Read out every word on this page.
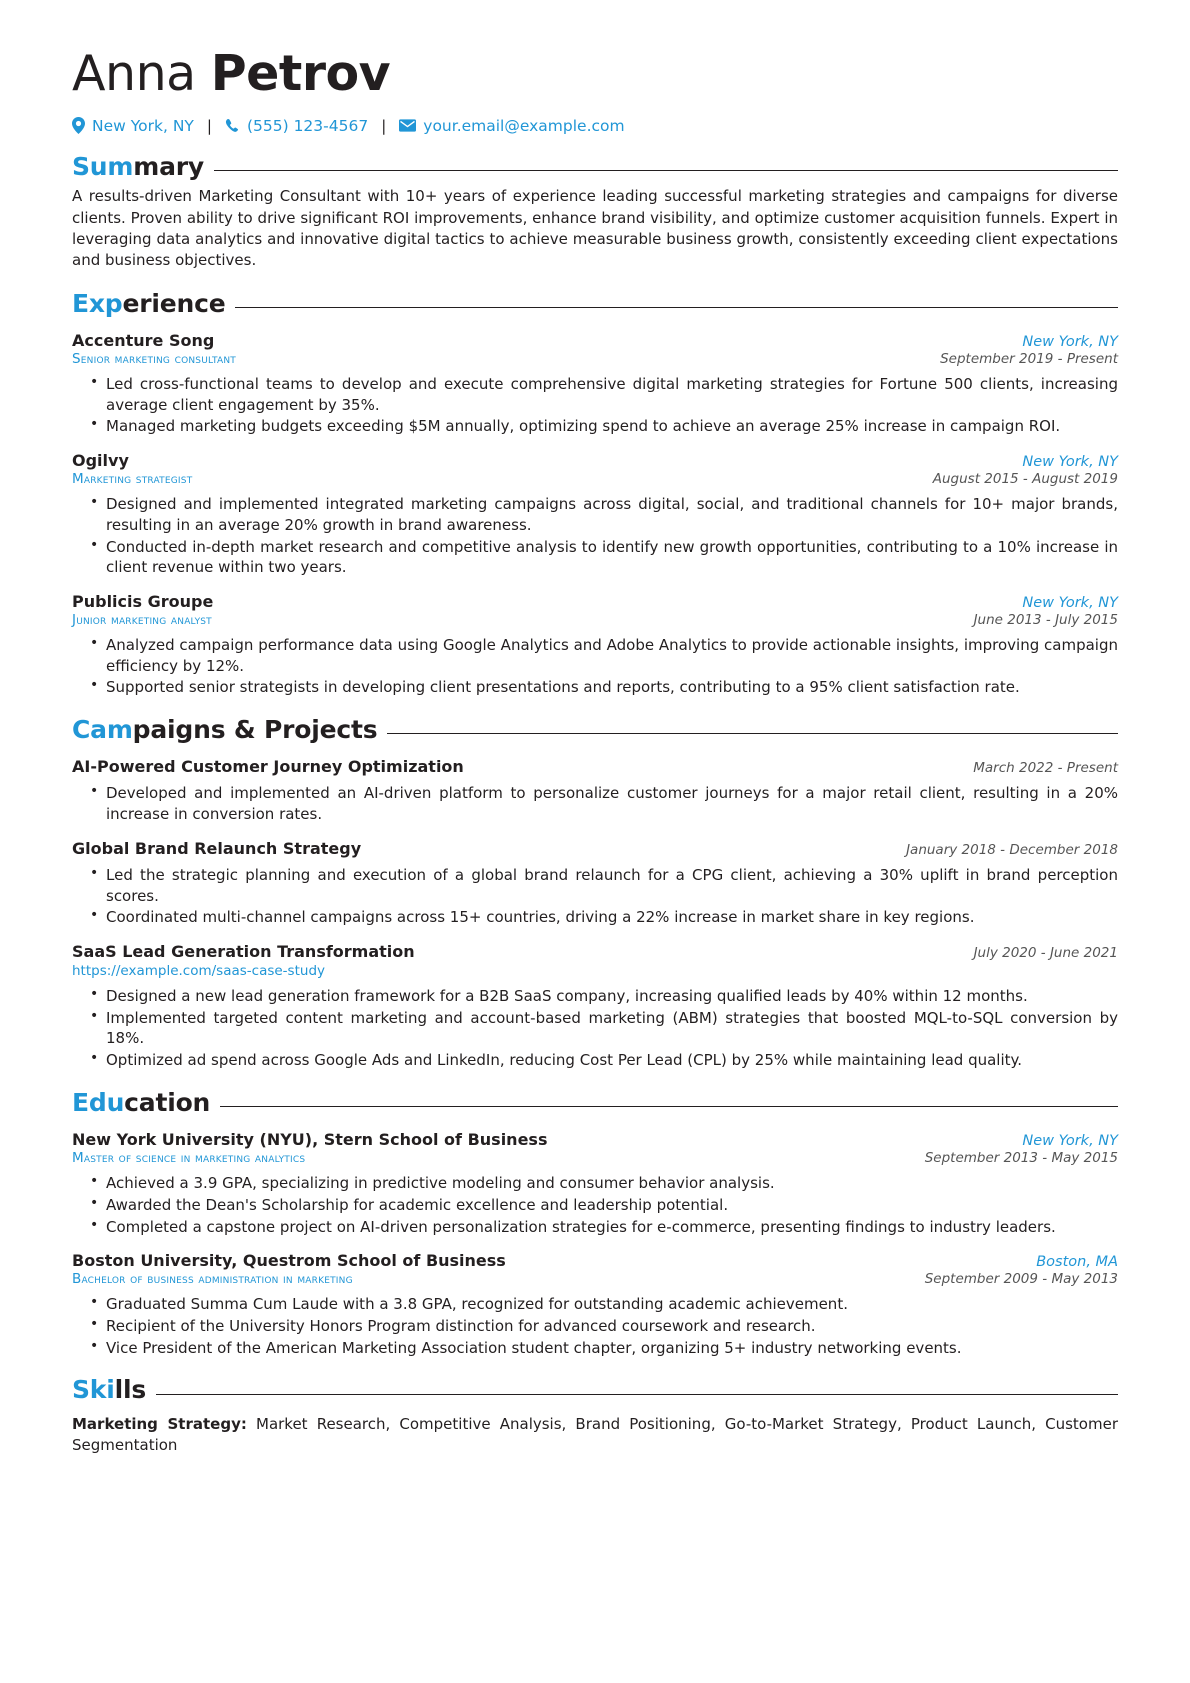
Anna Petrov
New York, NY |	(555) 123-4567 |	your.email@example.com
Summary

A results-driven Marketing Consultant with 10+ years of experience leading successful marketing strategies and campaigns for diverse clients. Proven ability to drive significant ROI improvements, enhance brand visibility, and optimize customer acquisition funnels. Expert in leveraging data analytics and innovative digital tactics to achieve measurable business growth, consistently exceeding client expectations and business objectives.

Experience
Accenture Song	New York, NY
Senior marketing consultant	September 2019 - Present
• Led cross-functional teams to develop and execute comprehensive digital marketing strategies for Fortune 500 clients, increasing average client engagement by 35%.
• Managed marketing budgets exceeding $5M annually, optimizing spend to achieve an average 25% increase in campaign ROI.
Ogilvy	New York, NY
Marketing strategist	August 2015 - August 2019
• Designed and implemented integrated marketing campaigns across digital, social, and traditional channels for 10+ major brands, resulting in an average 20% growth in brand awareness.
• Conducted in-depth market research and competitive analysis to identify new growth opportunities, contributing to a 10% increase in client revenue within two years.
Publicis Groupe	New York, NY
Junior marketing analyst	June 2013 - July 2015
• Analyzed campaign performance data using Google Analytics and Adobe Analytics to provide actionable insights, improving campaign efficiency by 12%.
• Supported senior strategists in developing client presentations and reports, contributing to a 95% client satisfaction rate.
Campaigns & Projects
AI-Powered Customer Journey Optimization	March 2022 - Present
• Developed and implemented an AI-driven platform to personalize customer journeys for a major retail client, resulting in a 20% increase in conversion rates.
Global Brand Relaunch Strategy	January 2018 - December 2018
• Led the strategic planning and execution of a global brand relaunch for a CPG client, achieving a 30% uplift in brand perception scores.
• Coordinated multi-channel campaigns across 15+ countries, driving a 22% increase in market share in key regions.
SaaS Lead Generation Transformation	July 2020 - June 2021
https://example.com/saas-case-study
• Designed a new lead generation framework for a B2B SaaS company, increasing qualified leads by 40% within 12 months.
• Implemented targeted content marketing and account-based marketing (ABM) strategies that boosted MQL-to-SQL conversion by 18%.
• Optimized ad spend across Google Ads and LinkedIn, reducing Cost Per Lead (CPL) by 25% while maintaining lead quality.
Education
New York University (NYU), Stern School of Business	New York, NY
Master of science in marketing analytics	September 2013 - May 2015
• Achieved a 3.9 GPA, specializing in predictive modeling and consumer behavior analysis.
• Awarded the Dean's Scholarship for academic excellence and leadership potential.
• Completed a capstone project on AI-driven personalization strategies for e-commerce, presenting findings to industry leaders.
Boston University, Questrom School of Business	Boston, MA
Bachelor of business administration in marketing	September 2009 - May 2013
• Graduated Summa Cum Laude with a 3.8 GPA, recognized for outstanding academic achievement.
• Recipient of the University Honors Program distinction for advanced coursework and research.
• Vice President of the American Marketing Association student chapter, organizing 5+ industry networking events.
Skills

Marketing Strategy: Market Research, Competitive Analysis, Brand Positioning, Go-to-Market Strategy, Product Launch, Customer Segmentation
